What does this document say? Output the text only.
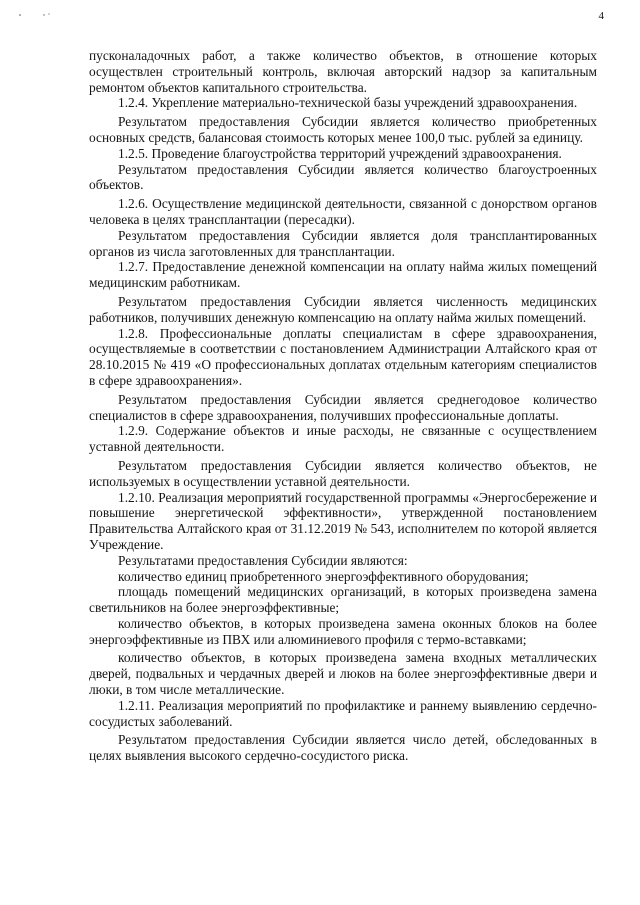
4

пусконаладочных работ, а также количество объектов, в отношение которых осуществлен строительный контроль, включая авторский надзор за капитальным ремонтом объектов капитального строительства.

1.2.4. Укрепление материально-технической базы учреждений здравоохранения.

Результатом предоставления Субсидии является количество приобретенных основных средств, балансовая стоимость которых менее 100,0 тыс. рублей за единицу.

1.2.5. Проведение благоустройства территорий учреждений здравоохранения.

Результатом предоставления Субсидии является количество благоустроенных объектов.

1.2.6. Осуществление медицинской деятельности, связанной с донорством органов человека в целях трансплантации (пересадки).

Результатом предоставления Субсидии является доля трансплантированных органов из числа заготовленных для трансплантации.

1.2.7. Предоставление денежной компенсации на оплату найма жилых помещений медицинским работникам.

Результатом предоставления Субсидии является численность медицинских работников, получивших денежную компенсацию на оплату найма жилых помещений.

1.2.8. Профессиональные доплаты специалистам в сфере здравоохранения, осуществляемые в соответствии с постановлением Администрации Алтайского края от 28.10.2015 № 419 «О профессиональных доплатах отдельным категориям специалистов в сфере здравоохранения».

Результатом предоставления Субсидии является среднегодовое количество специалистов в сфере здравоохранения, получивших профессиональные доплаты.

1.2.9. Содержание объектов и иные расходы, не связанные с осуществлением уставной деятельности.

Результатом предоставления Субсидии является количество объектов, не используемых в осуществлении уставной деятельности.

1.2.10. Реализация мероприятий государственной программы «Энергосбережение и повышение энергетической эффективности», утвержденной постановлением Правительства Алтайского края от 31.12.2019 № 543, исполнителем по которой является Учреждение.

Результатами предоставления Субсидии являются:

количество единиц приобретенного энергоэффективного оборудования;

площадь помещений медицинских организаций, в которых произведена замена светильников на более энергоэффективные;

количество объектов, в которых произведена замена оконных блоков на более энергоэффективные из ПВХ или алюминиевого профиля с термо-вставками;

количество объектов, в которых произведена замена входных металлических дверей, подвальных и чердачных дверей и люков на более энергоэффективные двери и люки, в том числе металлические.

1.2.11. Реализация мероприятий по профилактике и раннему выявлению сердечно-сосудистых заболеваний.

Результатом предоставления Субсидии является число детей, обследованных в целях выявления высокого сердечно-сосудистого риска.
